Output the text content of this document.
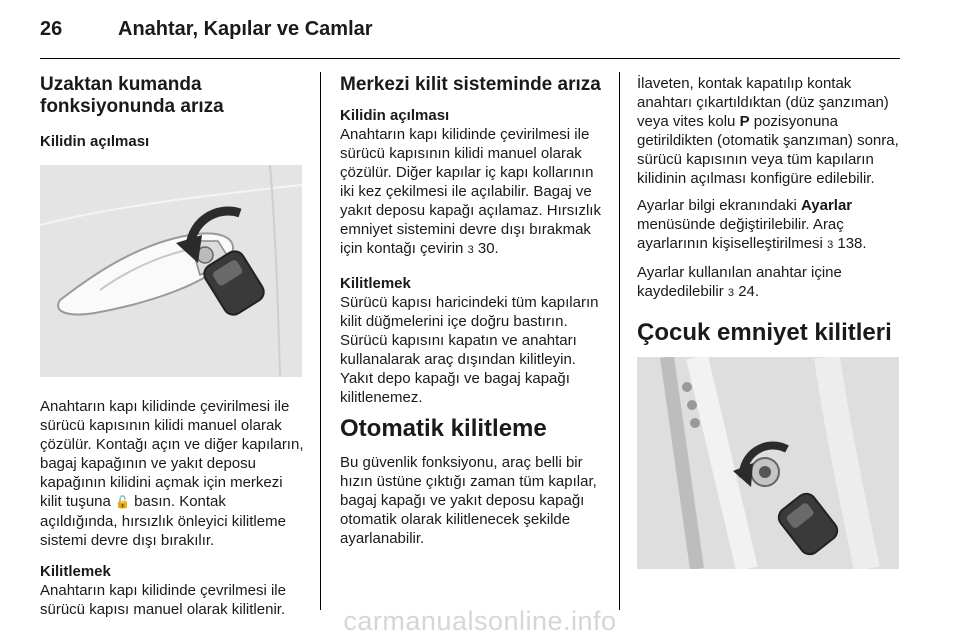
26	Anahtar, Kapılar ve Camlar
Uzaktan kumanda
fonksiyonunda arıza
Kilidin açılması

Anahtarın kapı kilidinde çevirilmesi ile sürücü kapısının kilidi manuel olarak çözülür. Kontağı açın ve diğer kapıların, bagaj kapağının ve yakıt deposu kapağının kilidini açmak için merkezi kilit tuşuna 🔓 basın. Kontak açıldığında, hırsızlık önleyici kilitleme sistemi devre dışı bırakılır.

Kilitlemek

Anahtarın kapı kilidinde çevrilmesi ile sürücü kapısı manuel olarak kilitlenir.

Merkezi kilit sisteminde arıza
Kilidin açılması

Anahtarın kapı kilidinde çevirilmesi ile sürücü kapısının kilidi manuel olarak çözülür. Diğer kapılar iç kapı kollarının iki kez çekilmesi ile açılabilir. Bagaj ve yakıt deposu kapağı açılamaz. Hırsızlık emniyet sistemini devre dışı bırakmak için kontağı çevirin 3 30.

Kilitlemek

Sürücü kapısı haricindeki tüm kapıların kilit düğmelerini içe doğru bastırın. Sürücü kapısını kapatın ve anahtarı kullanalarak araç dışından kilitleyin. Yakıt depo kapağı ve bagaj kapağı kilitlenemez.

Otomatik kilitleme

Bu güvenlik fonksiyonu, araç belli bir hızın üstüne çıktığı zaman tüm kapılar, bagaj kapağı ve yakıt deposu kapağı otomatik olarak kilitlenecek şekilde ayarlanabilir.

İlaveten, kontak kapatılıp kontak anahtarı çıkartıldıktan (düz şanzıman) veya vites kolu P pozisyonuna getirildikten (otomatik şanzıman) sonra, sürücü kapısının veya tüm kapıların kilidinin açılması konfigüre edilebilir.

Ayarlar bilgi ekranındaki Ayarlar menüsünde değiştirilebilir. Araç ayarlarının kişiselleştirilmesi 3 138.

Ayarlar kullanılan anahtar içine kaydedilebilir 3 24.

Çocuk emniyet kilitleri
carmanualsonline.info
